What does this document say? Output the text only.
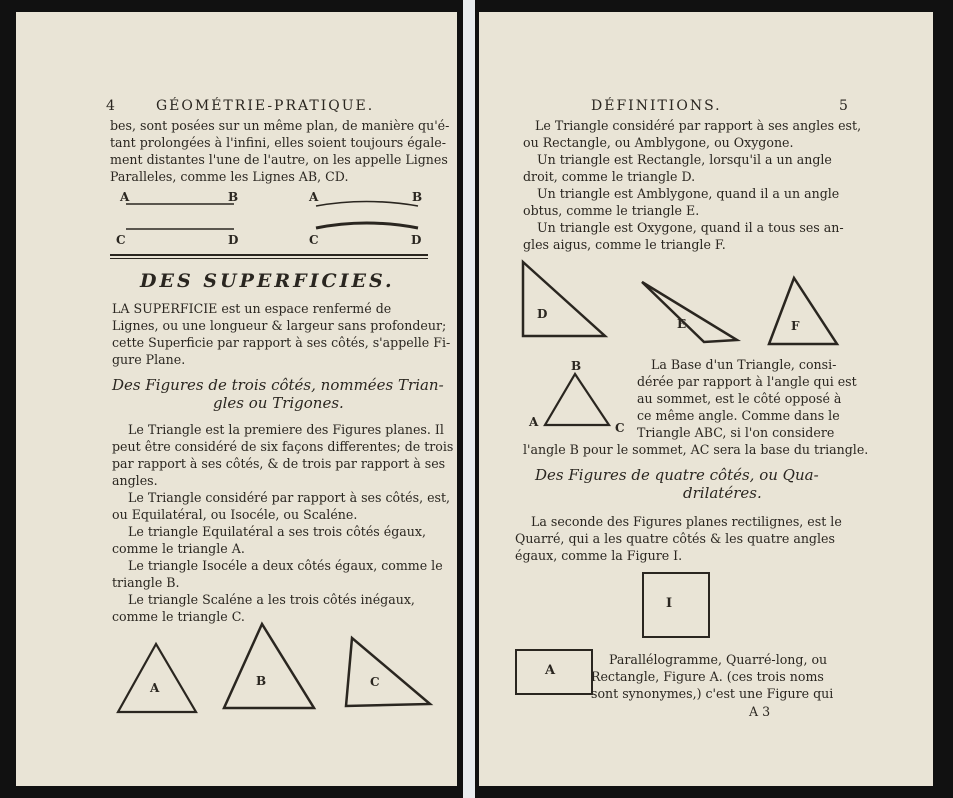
4	GÉOMÉTRIE-PRATIQUE.
bes, sont posées sur un même plan, de manière qu'é-
tant prolongées à l'infini, elles soient toujours égale-
ment distantes l'une de l'autre, on les appelle Lignes
Paralleles, comme les Lignes AB, CD.
A	B
C	D
A	B
C	D
DES SUPERFICIES.
LA SUPERFICIE est un espace renfermé de
Lignes, ou une longueur & largeur sans profondeur;
cette Superficie par rapport à ses côtés, s'appelle Fi-
gure Plane.
Des Figures de trois côtés, nommées Trian-
gles ou Trigones.
Le Triangle est la premiere des Figures planes. Il
peut être considéré de six façons differentes; de trois
par rapport à ses côtés, & de trois par rapport à ses
angles.
Le Triangle considéré par rapport à ses côtés, est,
ou Equilatéral, ou Isocéle, ou Scaléne.
Le triangle Equilatéral a ses trois côtés égaux,
comme le triangle A.
Le triangle Isocéle a deux côtés égaux, comme le
triangle B.
Le triangle Scaléne a les trois côtés inégaux,
comme le triangle C.
A	B	C
DÉFINITIONS.	5
Le Triangle considéré par rapport à ses angles est,
ou Rectangle, ou Amblygone, ou Oxygone.
Un triangle est Rectangle, lorsqu'il a un angle
droit, comme le triangle D.
Un triangle est Amblygone, quand il a un angle
obtus, comme le triangle E.
Un triangle est Oxygone, quand il a tous ses an-
gles aigus, comme le triangle F.
D
E	F
B
A	C
La Base d'un Triangle, consi-
dérée par rapport à l'angle qui est
au sommet, est le côté opposé à
ce même angle. Comme dans le
Triangle ABC, si l'on considere
l'angle B pour le sommet, AC sera la base du triangle.
Des Figures de quatre côtés, ou Qua-
drilatéres.
La seconde des Figures planes rectilignes, est le
Quarré, qui a les quatre côtés & les quatre angles
égaux, comme la Figure I.
I
A
Parallélogramme, Quarré-long, ou
Rectangle, Figure A. (ces trois noms
sont synonymes,) c'est une Figure qui
A 3
